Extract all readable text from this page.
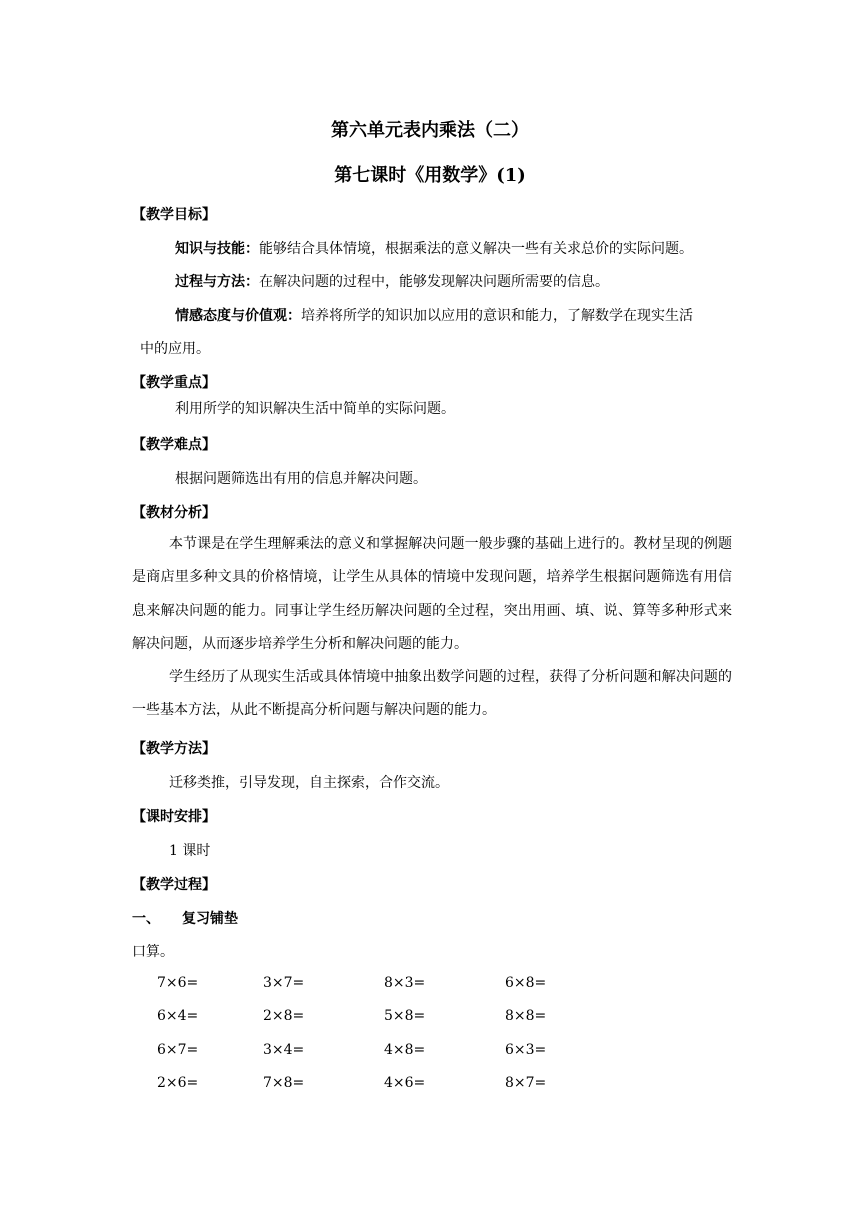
第六单元表内乘法（二）
第七课时《用数学》(1)
【教学目标】
知识与技能：能够结合具体情境，根据乘法的意义解决一些有关求总价的实际问题。
过程与方法：在解决问题的过程中，能够发现解决问题所需要的信息。
情感态度与价值观：培养将所学的知识加以应用的意识和能力，了解数学在现实生活
中的应用。
【教学重点】
利用所学的知识解决生活中简单的实际问题。
【教学难点】
根据问题筛选出有用的信息并解决问题。
【教材分析】
本节课是在学生理解乘法的意义和掌握解决问题一般步骤的基础上进行的。教材呈现的例题是商店里多种文具的价格情境，让学生从具体的情境中发现问题，培养学生根据问题筛选有用信息来解决问题的能力。同事让学生经历解决问题的全过程，突出用画、填、说、算等多种形式来解决问题，从而逐步培养学生分析和解决问题的能力。
学生经历了从现实生活或具体情境中抽象出数学问题的过程，获得了分析问题和解决问题的一些基本方法，从此不断提高分析问题与解决问题的能力。
【教学方法】
迁移类推，引导发现，自主探索，合作交流。
【课时安排】
1 课时
【教学过程】
一、 复习铺垫
口算。
7×6=	3×7=	8×3=	6×8=
6×4=	2×8=	5×8=	8×8=
6×7=	3×4=	4×8=	6×3=
2×6=	7×8=	4×6=	8×7=
